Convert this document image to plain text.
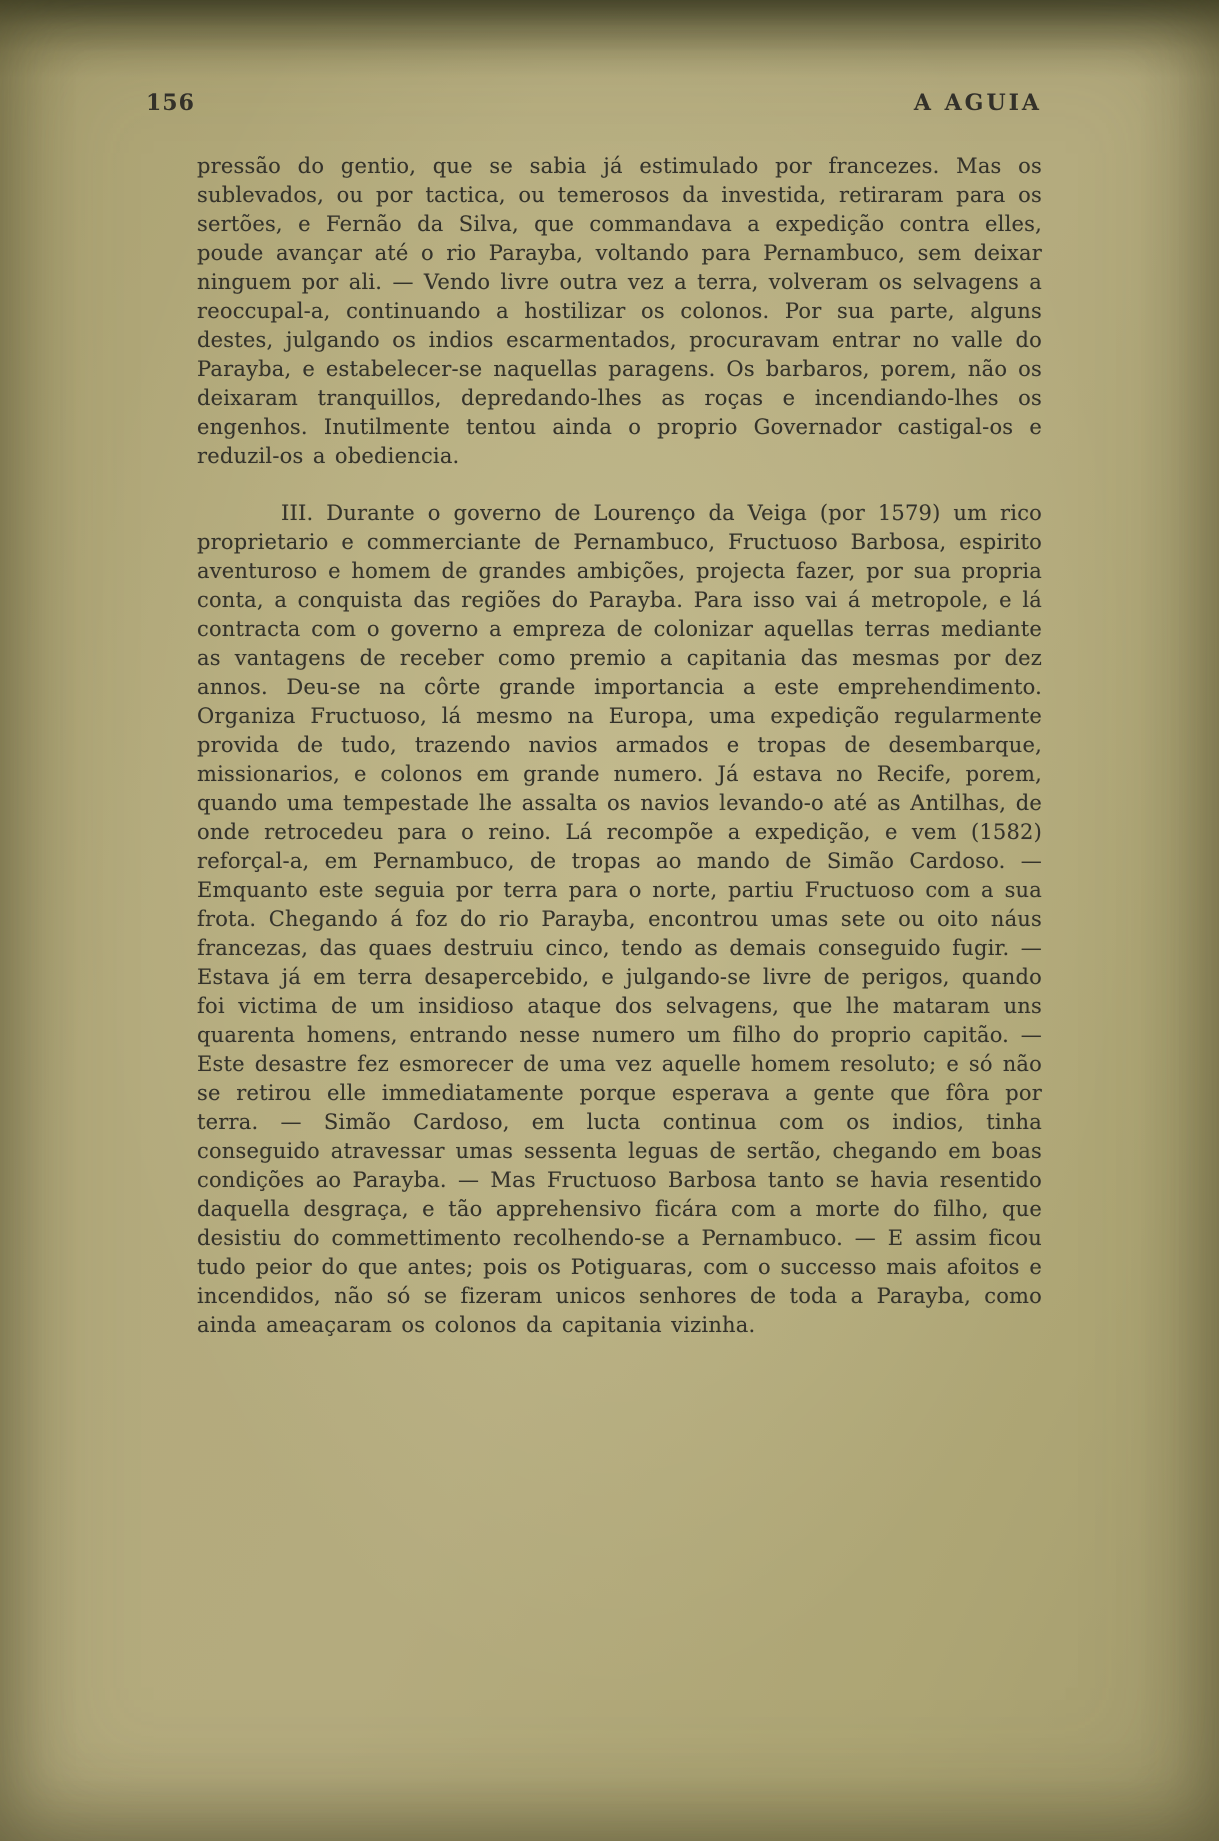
156	A AGUIA

pressão do gentio, que se sabia já estimulado por francezes. Mas os sublevados, ou por tactica, ou temerosos da investida, retiraram para os sertões, e Fernão da Silva, que commandava a expedição contra elles, poude avançar até o rio Parayba, voltando para Pernambuco, sem deixar ninguem por ali. — Vendo livre outra vez a terra, volveram os selvagens a reoccupal-a, continuando a hostilizar os colonos. Por sua parte, alguns destes, julgando os indios escarmentados, procuravam entrar no valle do Parayba, e estabelecer-se naquellas paragens. Os barbaros, porem, não os deixaram tranquillos, depredando-lhes as roças e incendiando-lhes os engenhos. Inutilmente tentou ainda o proprio Governador castigal-os e reduzil-os a obediencia.

III. Durante o governo de Lourenço da Veiga (por 1579) um rico proprietario e commerciante de Pernambuco, Fructuoso Barbosa, espirito aventuroso e homem de grandes ambições, projecta fazer, por sua propria conta, a conquista das regiões do Parayba. Para isso vai á metropole, e lá contracta com o governo a empreza de colonizar aquellas terras mediante as vantagens de receber como premio a capitania das mesmas por dez annos. Deu-se na côrte grande importancia a este emprehendimento. Organiza Fructuoso, lá mesmo na Europa, uma expedição regularmente provida de tudo, trazendo navios armados e tropas de desembarque, missionarios, e colonos em grande numero. Já estava no Recife, porem, quando uma tempestade lhe assalta os navios levando-o até as Antilhas, de onde retrocedeu para o reino. Lá recompõe a expedição, e vem (1582) reforçal-a, em Pernambuco, de tropas ao mando de Simão Cardoso. — Emquanto este seguia por terra para o norte, partiu Fructuoso com a sua frota. Chegando á foz do rio Parayba, encontrou umas sete ou oito náus francezas, das quaes destruiu cinco, tendo as demais conseguido fugir. — Estava já em terra desapercebido, e julgando-se livre de perigos, quando foi victima de um insidioso ataque dos selvagens, que lhe mataram uns quarenta homens, entrando nesse numero um filho do proprio capitão. — Este desastre fez esmorecer de uma vez aquelle homem resoluto; e só não se retirou elle immediatamente porque esperava a gente que fôra por terra. — Simão Cardoso, em lucta continua com os indios, tinha conseguido atravessar umas sessenta leguas de sertão, chegando em boas condições ao Parayba. — Mas Fructuoso Barbosa tanto se havia resentido daquella desgraça, e tão apprehensivo ficára com a morte do filho, que desistiu do commettimento recolhendo-se a Pernambuco. — E assim ficou tudo peior do que antes; pois os Potiguaras, com o successo mais afoitos e incendidos, não só se fizeram unicos senhores de toda a Parayba, como ainda ameaçaram os colonos da capitania vizinha.
